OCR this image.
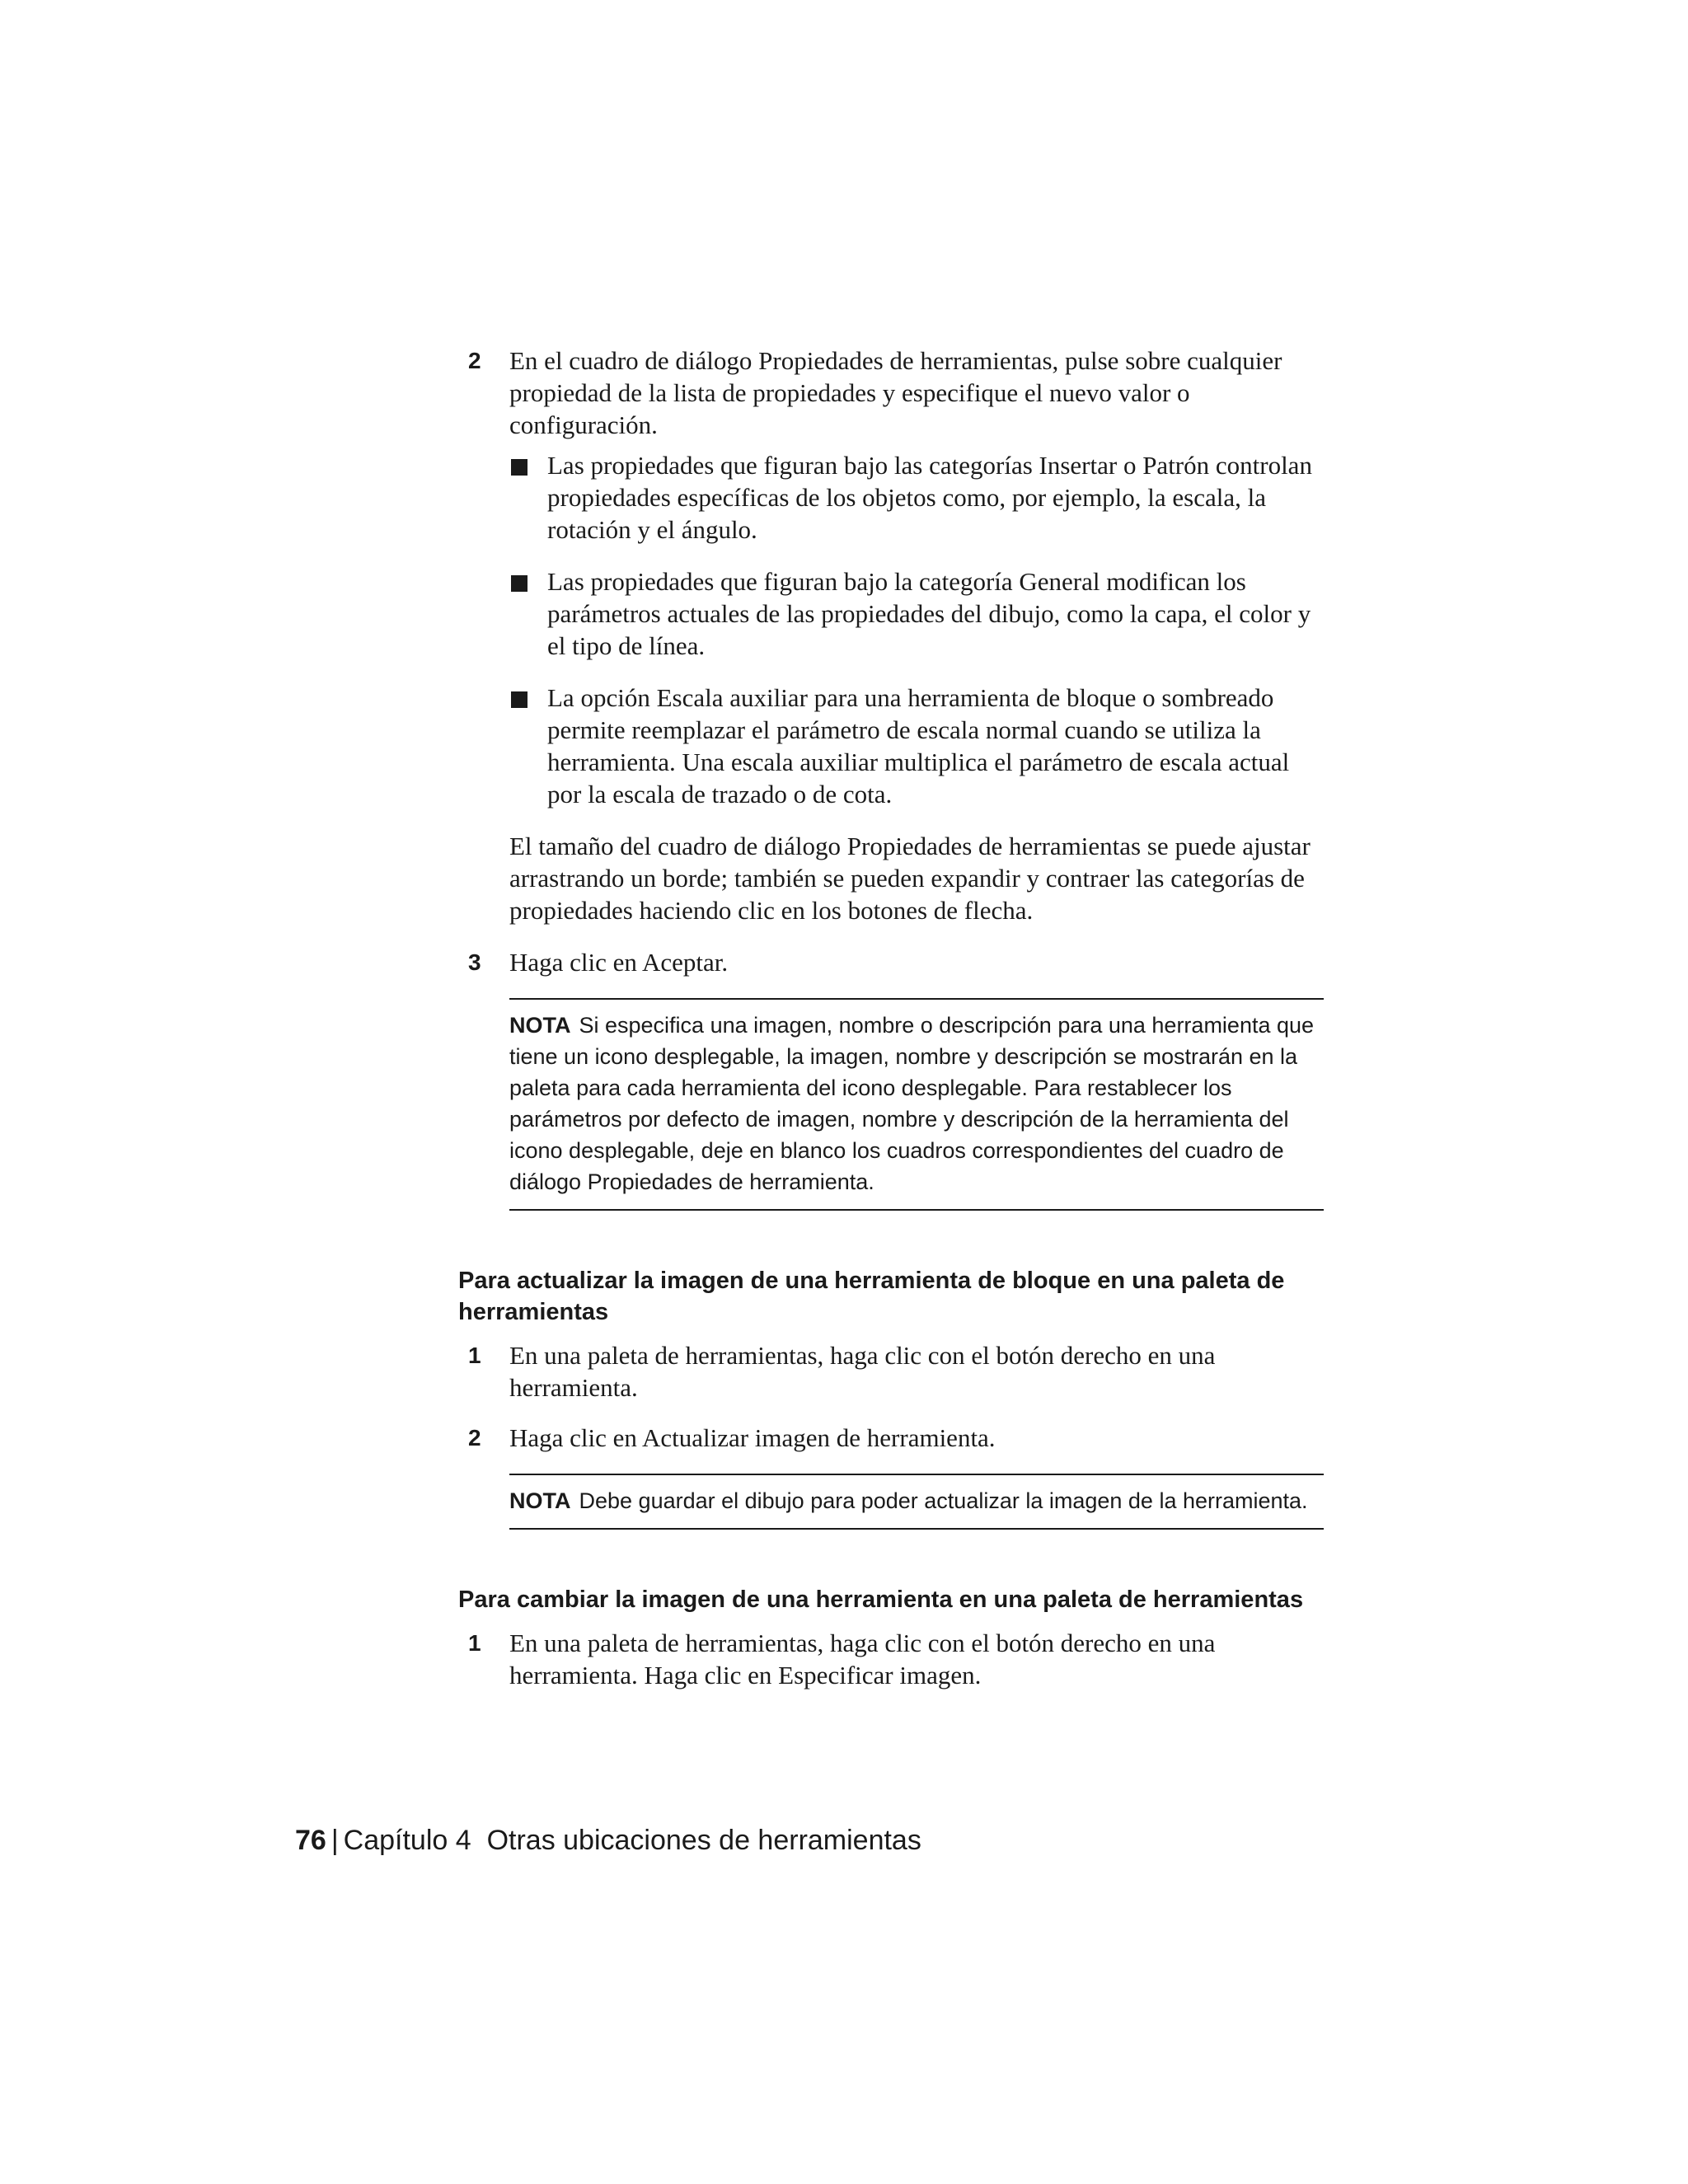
2 En el cuadro de diálogo Propiedades de herramientas, pulse sobre cualquier propiedad de la lista de propiedades y especifique el nuevo valor o configuración.

Las propiedades que figuran bajo las categorías Insertar o Patrón controlan propiedades específicas de los objetos como, por ejemplo, la escala, la rotación y el ángulo.
Las propiedades que figuran bajo la categoría General modifican los parámetros actuales de las propiedades del dibujo, como la capa, el color y el tipo de línea.
La opción Escala auxiliar para una herramienta de bloque o sombreado permite reemplazar el parámetro de escala normal cuando se utiliza la herramienta. Una escala auxiliar multiplica el parámetro de escala actual por la escala de trazado o de cota.

El tamaño del cuadro de diálogo Propiedades de herramientas se puede ajustar arrastrando un borde; también se pueden expandir y contraer las categorías de propiedades haciendo clic en los botones de flecha.

3 Haga clic en Aceptar.

NOTA Si especifica una imagen, nombre o descripción para una herramienta que tiene un icono desplegable, la imagen, nombre y descripción se mostrarán en la paleta para cada herramienta del icono desplegable. Para restablecer los parámetros por defecto de imagen, nombre y descripción de la herramienta del icono desplegable, deje en blanco los cuadros correspondientes del cuadro de diálogo Propiedades de herramienta.
Para actualizar la imagen de una herramienta de bloque en una paleta de herramientas

1 En una paleta de herramientas, haga clic con el botón derecho en una herramienta.

2 Haga clic en Actualizar imagen de herramienta.

NOTA Debe guardar el dibujo para poder actualizar la imagen de la herramienta.
Para cambiar la imagen de una herramienta en una paleta de herramientas

1 En una paleta de herramientas, haga clic con el botón derecho en una herramienta. Haga clic en Especificar imagen.

76 | Capítulo 4 Otras ubicaciones de herramientas
